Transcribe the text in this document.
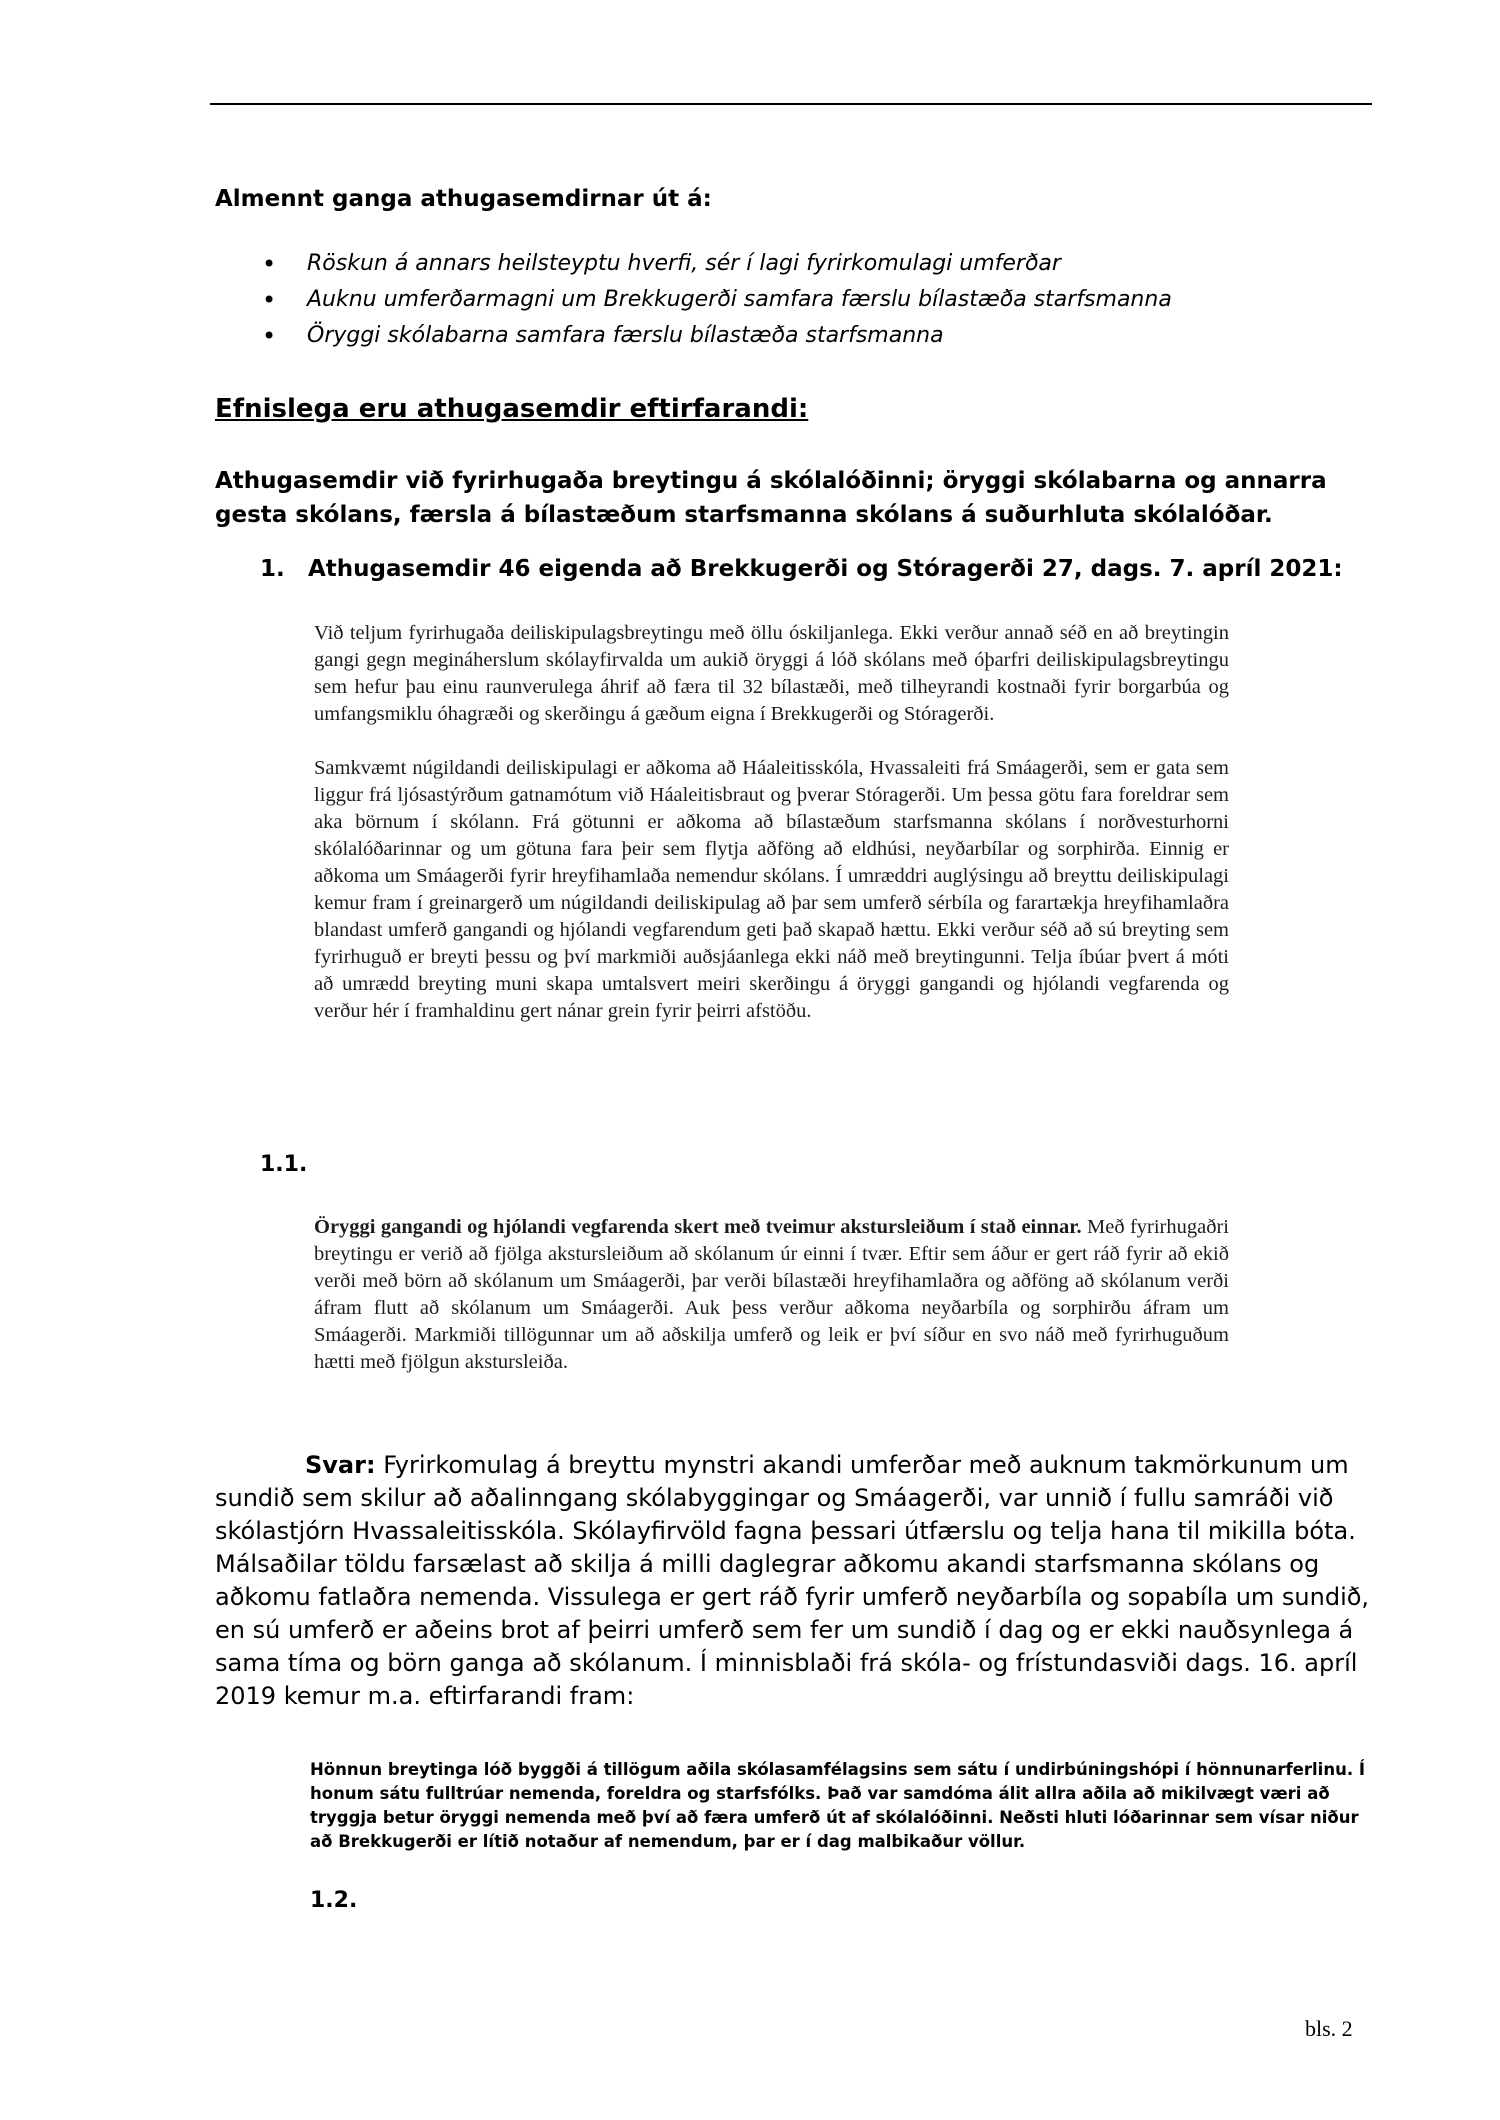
Almennt ganga athugasemdirnar út á:
• Röskun á annars heilsteyptu hverfi, sér í lagi fyrirkomulagi umferðar
• Auknu umferðarmagni um Brekkugerði samfara færslu bílastæða starfsmanna
• Öryggi skólabarna samfara færslu bílastæða starfsmanna
Efnislega eru athugasemdir eftirfarandi:
Athugasemdir við fyrirhugaða breytingu á skólalóðinni; öryggi skólabarna og annarra gesta skólans, færsla á bílastæðum starfsmanna skólans á suðurhluta skólalóðar.
1. Athugasemdir 46 eigenda að Brekkugerði og Stóragerði 27, dags. 7. apríl 2021:

Við teljum fyrirhugaða deiliskipulagsbreytingu með öllu óskiljanlega. Ekki verður annað séð en að breytingin gangi gegn megináherslum skólayfirvalda um aukið öryggi á lóð skólans með óþarfri deiliskipulagsbreytingu sem hefur þau einu raunverulega áhrif að færa til 32 bílastæði, með tilheyrandi kostnaði fyrir borgarbúa og umfangsmiklu óhagræði og skerðingu á gæðum eigna í Brekkugerði og Stóragerði.

Samkvæmt núgildandi deiliskipulagi er aðkoma að Háaleitisskóla, Hvassaleiti frá Smáagerði, sem er gata sem liggur frá ljósastýrðum gatnamótum við Háaleitisbraut og þverar Stóragerði. Um þessa götu fara foreldrar sem aka börnum í skólann. Frá götunni er aðkoma að bílastæðum starfsmanna skólans í norðvesturhorni skólalóðarinnar og um götuna fara þeir sem flytja aðföng að eldhúsi, neyðarbílar og sorphirða. Einnig er aðkoma um Smáagerði fyrir hreyfihamlaða nemendur skólans. Í umræddri auglýsingu að breyttu deiliskipulagi kemur fram í greinargerð um núgildandi deiliskipulag að þar sem umferð sérbíla og farartækja hreyfihamlaðra blandast umferð gangandi og hjólandi vegfarendum geti það skapað hættu. Ekki verður séð að sú breyting sem fyrirhuguð er breyti þessu og því markmiði auðsjáanlega ekki náð með breytingunni. Telja íbúar þvert á móti að umrædd breyting muni skapa umtalsvert meiri skerðingu á öryggi gangandi og hjólandi vegfarenda og verður hér í framhaldinu gert nánar grein fyrir þeirri afstöðu.

1.1.

Öryggi gangandi og hjólandi vegfarenda skert með tveimur akstursleiðum í stað einnar. Með fyrirhugaðri breytingu er verið að fjölga akstursleiðum að skólanum úr einni í tvær. Eftir sem áður er gert ráð fyrir að ekið verði með börn að skólanum um Smáagerði, þar verði bílastæði hreyfihamlaðra og aðföng að skólanum verði áfram flutt að skólanum um Smáagerði. Auk þess verður aðkoma neyðarbíla og sorphirðu áfram um Smáagerði. Markmiði tillögunnar um að aðskilja umferð og leik er því síður en svo náð með fyrirhuguðum hætti með fjölgun akstursleiða.

Svar: Fyrirkomulag á breyttu mynstri akandi umferðar með auknum takmörkunum um sundið sem skilur að aðalinngang skólabyggingar og Smáagerði, var unnið í fullu samráði við skólastjórn Hvassaleitisskóla. Skólayfirvöld fagna þessari útfærslu og telja hana til mikilla bóta. Málsaðilar töldu farsælast að skilja á milli daglegrar aðkomu akandi starfsmanna skólans og aðkomu fatlaðra nemenda. Vissulega er gert ráð fyrir umferð neyðarbíla og sopabíla um sundið, en sú umferð er aðeins brot af þeirri umferð sem fer um sundið í dag og er ekki nauðsynlega á sama tíma og börn ganga að skólanum. Í minnisblaði frá skóla- og frístundasviði dags. 16. apríl 2019 kemur m.a. eftirfarandi fram:
Hönnun breytinga lóð byggði á tillögum aðila skólasamfélagsins sem sátu í undirbúningshópi í hönnunarferlinu. Í honum sátu fulltrúar nemenda, foreldra og starfsfólks. Það var samdóma álit allra aðila að mikilvægt væri að tryggja betur öryggi nemenda með því að færa umferð út af skólalóðinni. Neðsti hluti lóðarinnar sem vísar niður að Brekkugerði er lítið notaður af nemendum, þar er í dag malbikaður völlur.
1.2.
bls. 2
